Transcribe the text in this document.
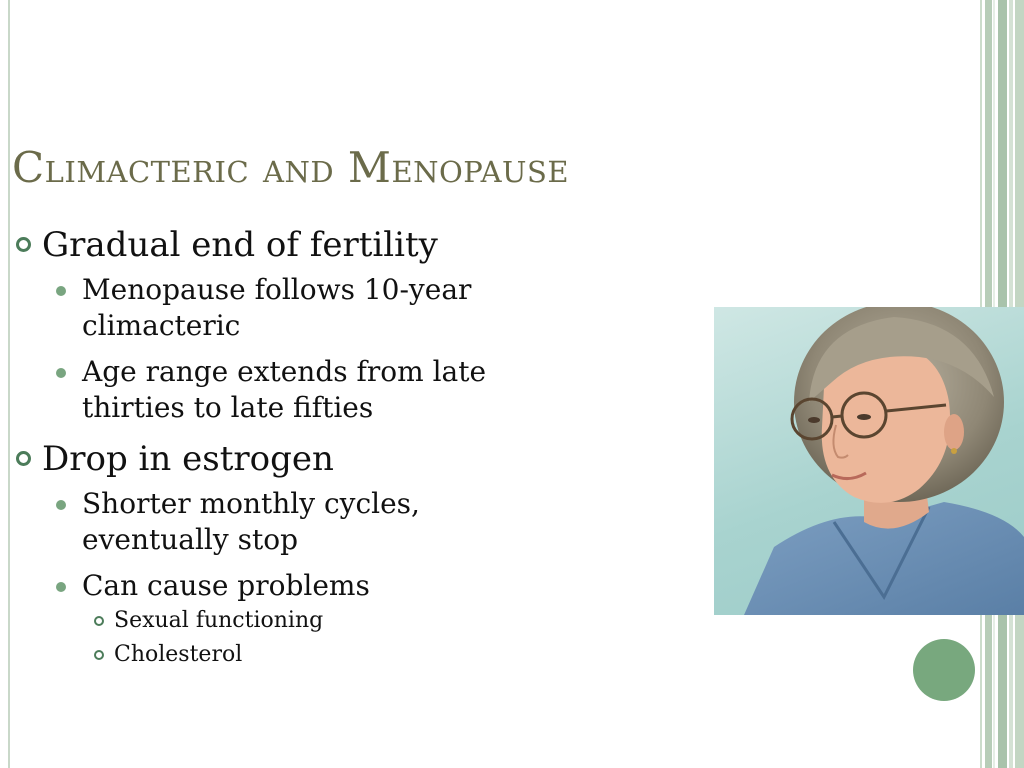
Climacteric and Menopause
Gradual end of fertility
Menopause follows 10-year climacteric
Age range extends from late thirties to late fifties
Drop in estrogen
Shorter monthly cycles, eventually stop
Can cause problems
Sexual functioning
Cholesterol
